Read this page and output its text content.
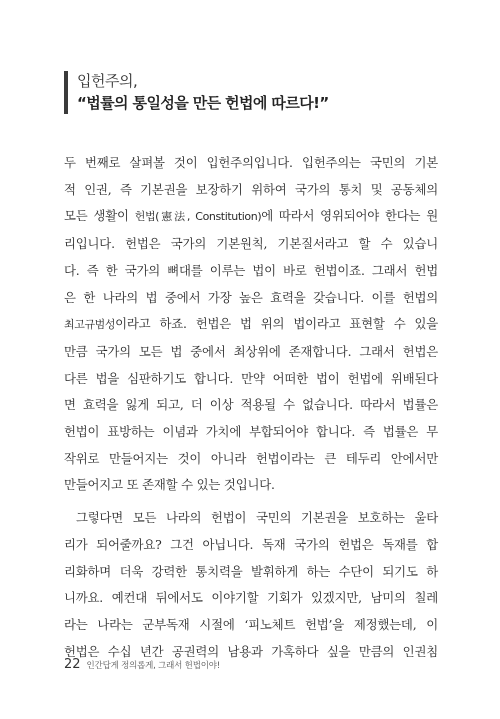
입헌주의,
“법률의 통일성을 만든 헌법에 따르다!”

두 번째로 살펴볼 것이 입헌주의입니다. 입헌주의는 국민의 기본

적 인권, 즉 기본권을 보장하기 위하여 국가의 통치 및 공동체의

모든 생활이 헌법(憲法, Constitution)에 따라서 영위되어야 한다는 원

리입니다. 헌법은 국가의 기본원칙, 기본질서라고 할 수 있습니

다. 즉 한 국가의 뼈대를 이루는 법이 바로 헌법이죠. 그래서 헌법

은 한 나라의 법 중에서 가장 높은 효력을 갖습니다. 이를 헌법의

최고규범성이라고 하죠. 헌법은 법 위의 법이라고 표현할 수 있을

만큼 국가의 모든 법 중에서 최상위에 존재합니다. 그래서 헌법은

다른 법을 심판하기도 합니다. 만약 어떠한 법이 헌법에 위배된다

면 효력을 잃게 되고, 더 이상 적용될 수 없습니다. 따라서 법률은

헌법이 표방하는 이념과 가치에 부합되어야 합니다. 즉 법률은 무

작위로 만들어지는 것이 아니라 헌법이라는 큰 테두리 안에서만

만들어지고 또 존재할 수 있는 것입니다.

그렇다면 모든 나라의 헌법이 국민의 기본권을 보호하는 울타

리가 되어줄까요? 그건 아닙니다. 독재 국가의 헌법은 독재를 합

리화하며 더욱 강력한 통치력을 발휘하게 하는 수단이 되기도 하

니까요. 예컨대 뒤에서도 이야기할 기회가 있겠지만, 남미의 칠레

라는 나라는 군부독재 시절에 ‘피노체트 헌법’을 제정했는데, 이

헌법은 수십 년간 공권력의 남용과 가혹하다 싶을 만큼의 인권침

22 인간답게 정의롭게, 그래서 헌법이야!
